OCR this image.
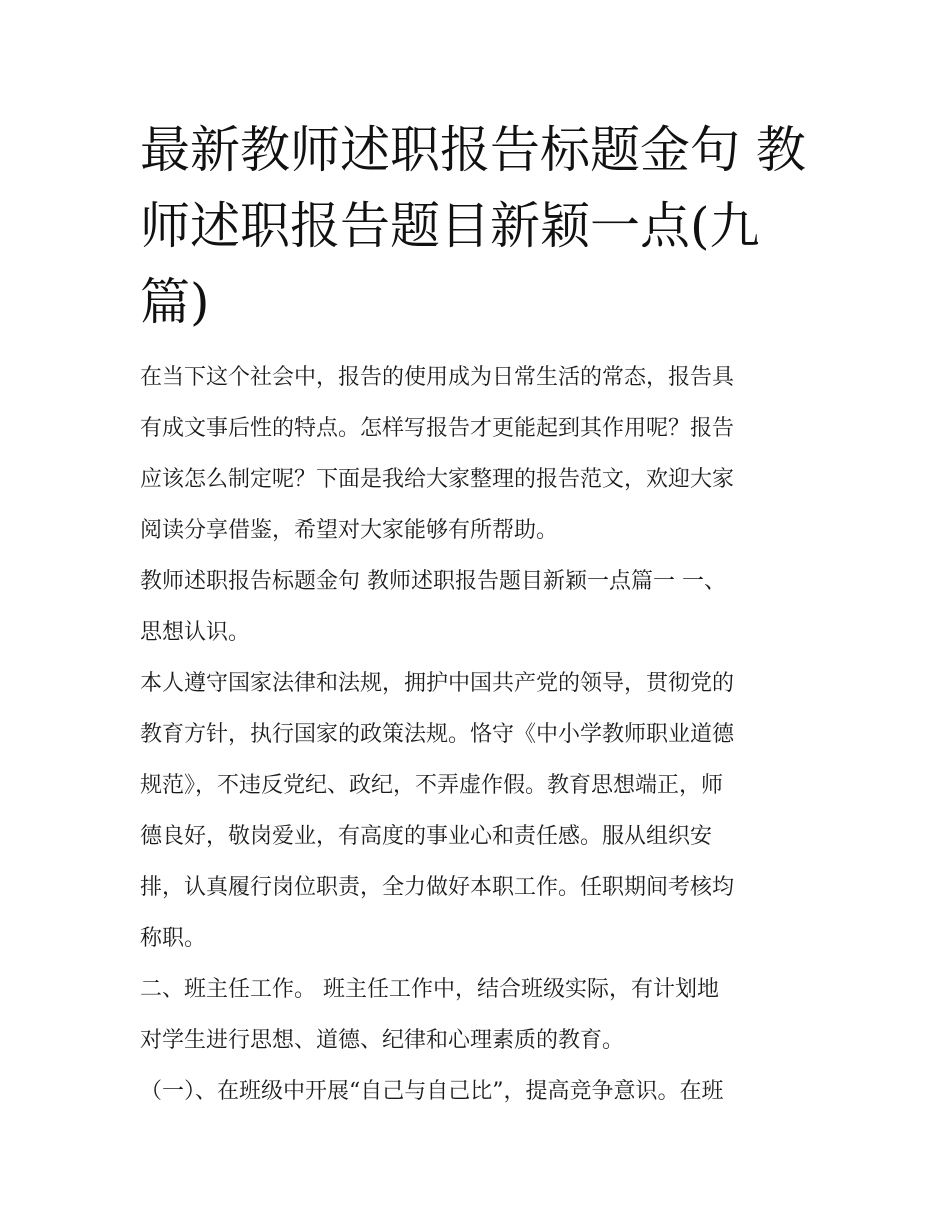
最新教师述职报告标题金句 教
师述职报告题目新颖一点(九
篇)
在当下这个社会中，报告的使用成为日常生活的常态，报告具
有成文事后性的特点。怎样写报告才更能起到其作用呢？报告
应该怎么制定呢？下面是我给大家整理的报告范文，欢迎大家
阅读分享借鉴，希望对大家能够有所帮助。
教师述职报告标题金句 教师述职报告题目新颖一点篇一 一、
思想认识。
本人遵守国家法律和法规，拥护中国共产党的领导，贯彻党的
教育方针，执行国家的政策法规。恪守《中小学教师职业道德
规范》，不违反党纪、政纪，不弄虚作假。教育思想端正，师
德良好，敬岗爱业，有高度的事业心和责任感。服从组织安
排，认真履行岗位职责，全力做好本职工作。任职期间考核均
称职。
二、班主任工作。 班主任工作中，结合班级实际，有计划地
对学生进行思想、道德、纪律和心理素质的教育。
（一）、在班级中开展“自己与自己比”，提高竞争意识。在班
